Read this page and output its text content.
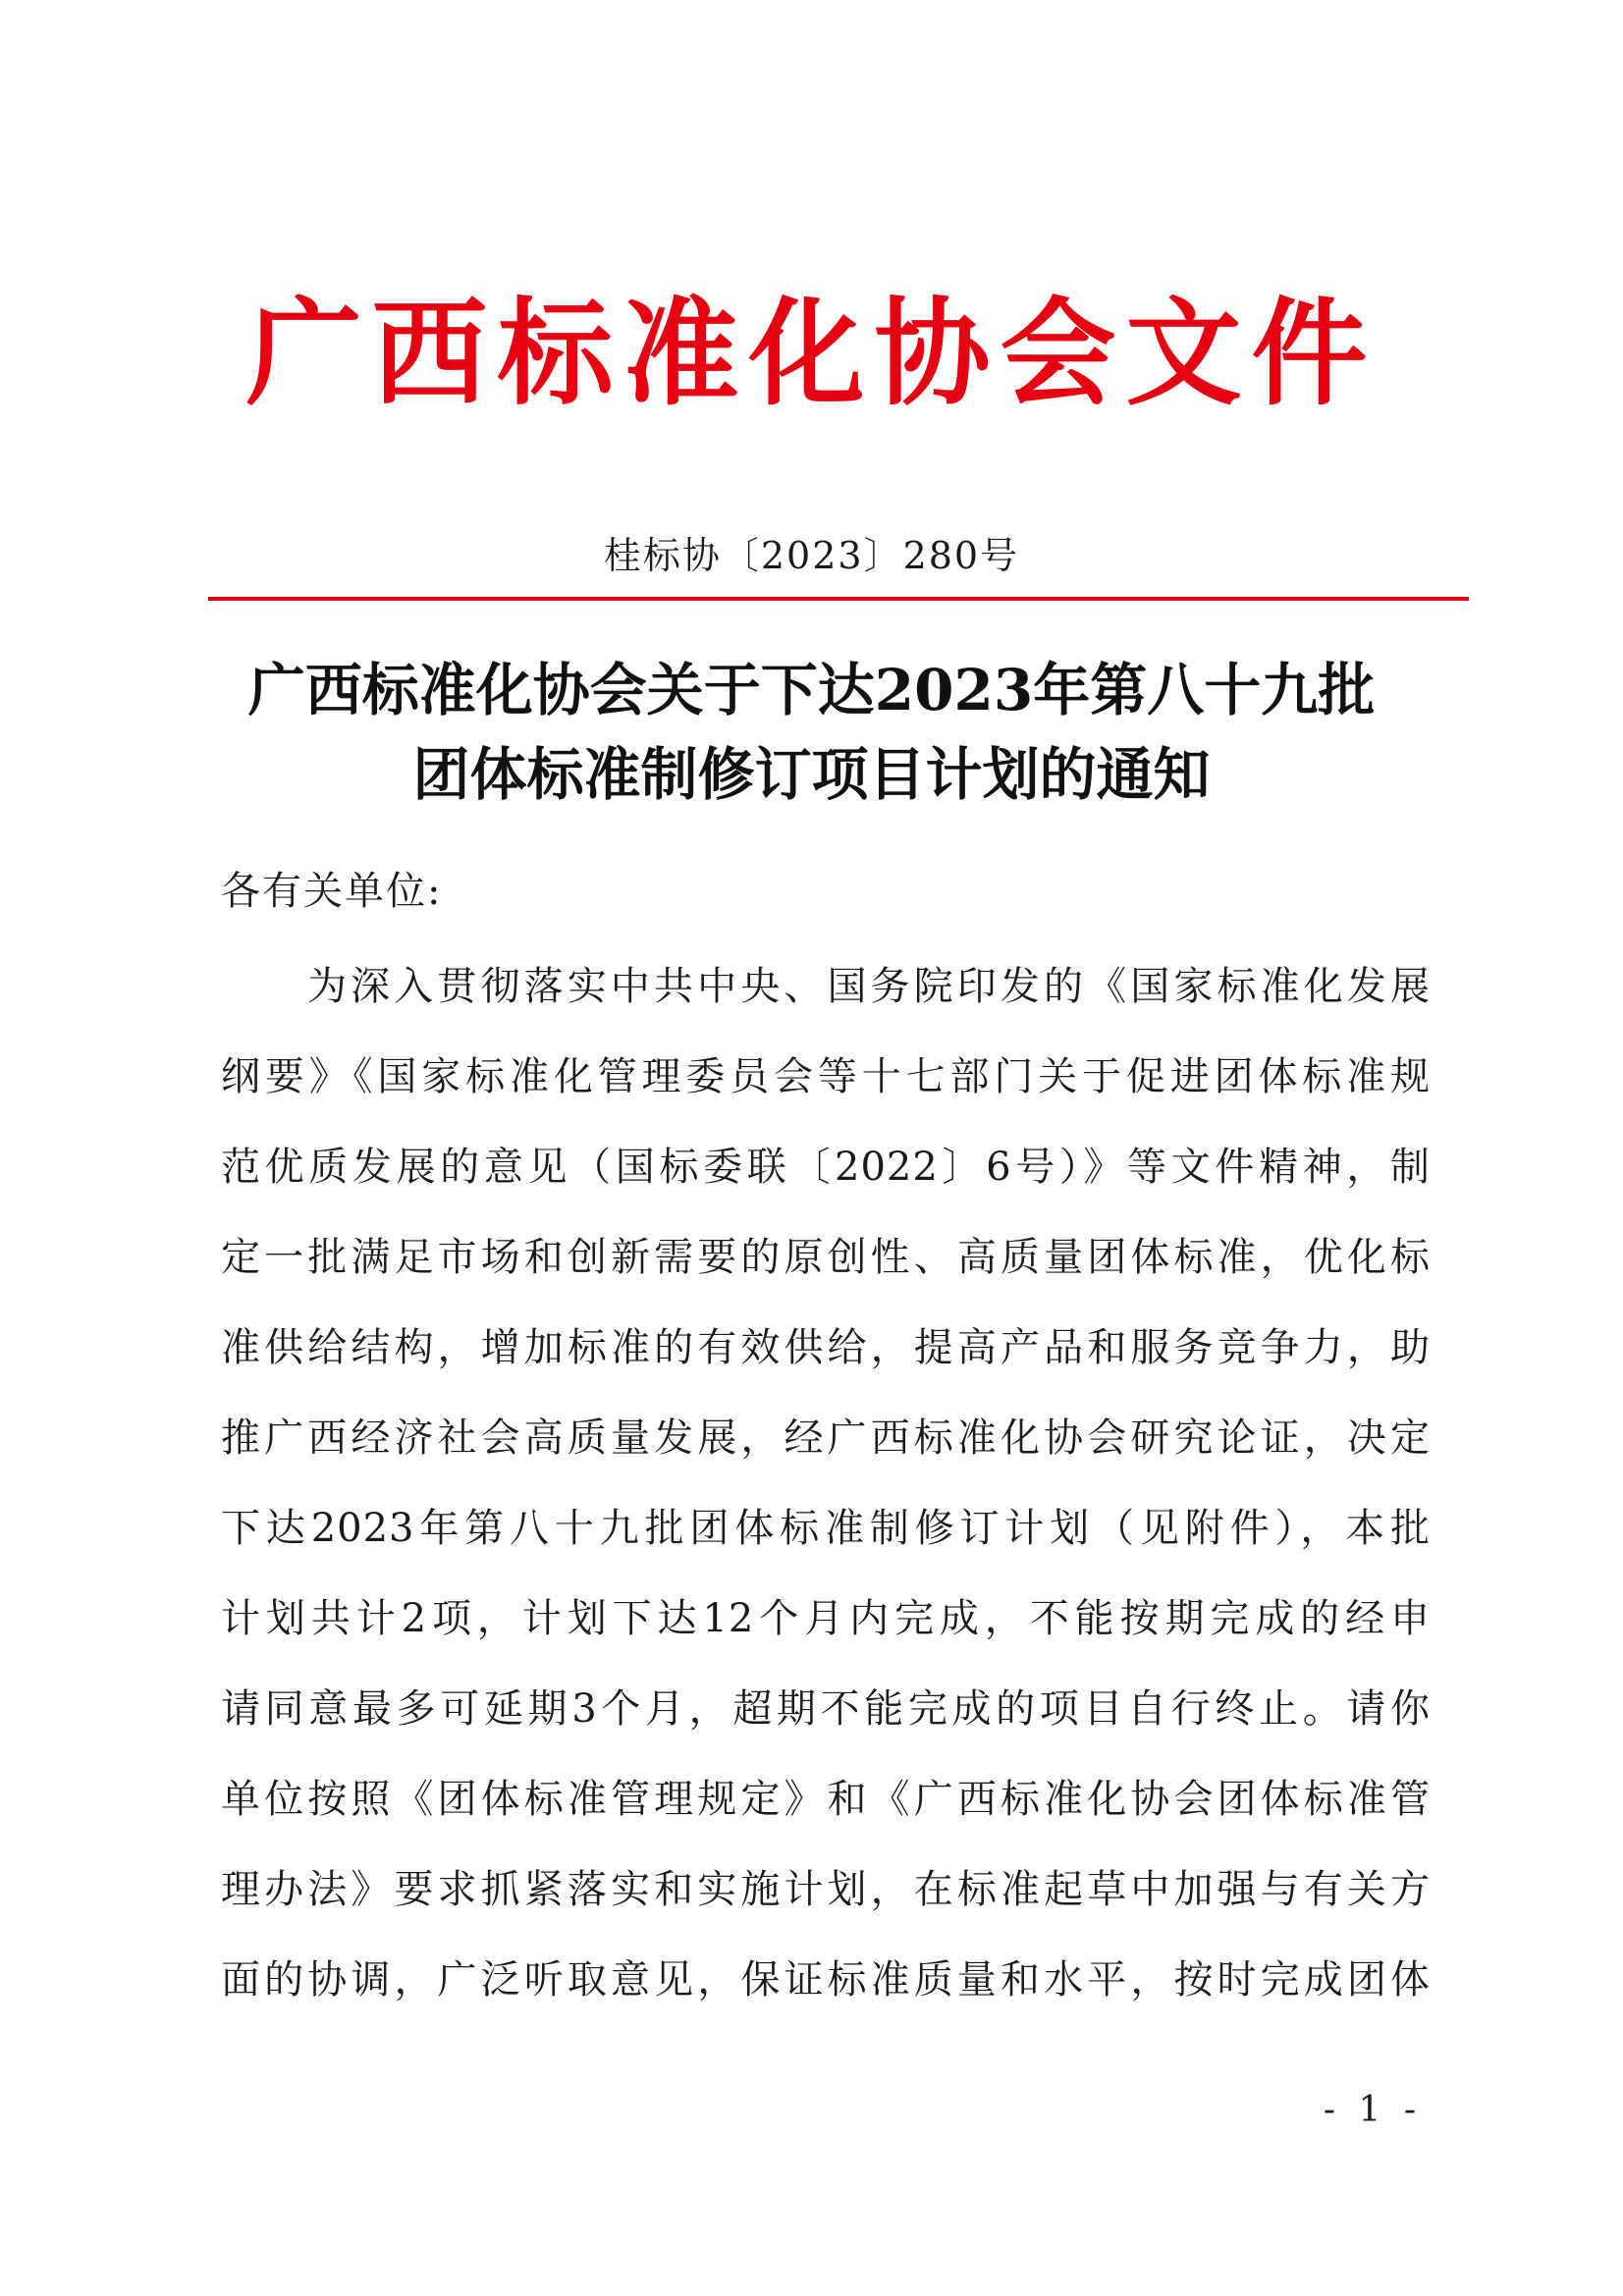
广西标准化协会文件
桂标协〔2023〕280号
广西标准化协会关于下达2023年第八十九批
团体标准制修订项目计划的通知
各有关单位:
为深入贯彻落实中共中央、国务院印发的《国家标准化发展
纲要》《国家标准化管理委员会等十七部门关于促进团体标准规
范优质发展的意见（国标委联〔2022〕6号）》等文件精神，制
定一批满足市场和创新需要的原创性、高质量团体标准，优化标
准供给结构，增加标准的有效供给，提高产品和服务竞争力，助
推广西经济社会高质量发展，经广西标准化协会研究论证，决定
下达2023年第八十九批团体标准制修订计划（见附件），本批
计划共计2项，计划下达12个月内完成，不能按期完成的经申
请同意最多可延期3个月，超期不能完成的项目自行终止。请你
单位按照《团体标准管理规定》和《广西标准化协会团体标准管
理办法》要求抓紧落实和实施计划，在标准起草中加强与有关方
面的协调，广泛听取意见，保证标准质量和水平，按时完成团体
- 1 -
